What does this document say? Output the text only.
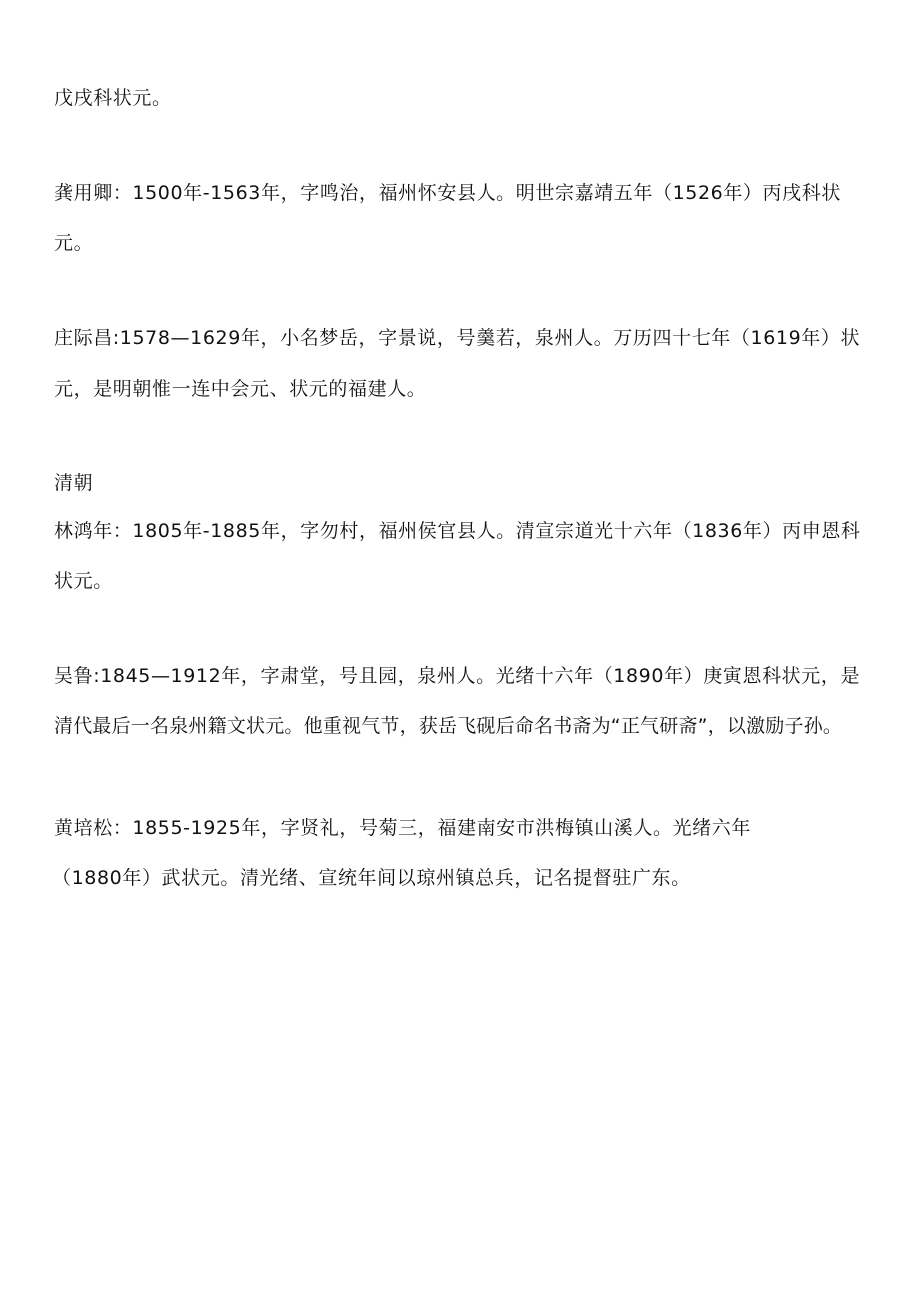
戊戌科状元。
龚用卿：1500年-1563年，字鸣治，福州怀安县人。明世宗嘉靖五年（1526年）丙戌科状
元。
庄际昌:1578—1629年，小名梦岳，字景说，号羹若，泉州人。万历四十七年（1619年）状
元，是明朝惟一连中会元、状元的福建人。
清朝
林鸿年：1805年-1885年，字勿村，福州侯官县人。清宣宗道光十六年（1836年）丙申恩科
状元。
吴鲁:1845—1912年，字肃堂，号且园，泉州人。光绪十六年（1890年）庚寅恩科状元，是
清代最后一名泉州籍文状元。他重视气节，获岳飞砚后命名书斋为“正气研斋”，以激励子孙。
黄培松：1855-1925年，字贤礼，号菊三，福建南安市洪梅镇山溪人。光绪六年
（1880年）武状元。清光绪、宣统年间以琼州镇总兵，记名提督驻广东。
